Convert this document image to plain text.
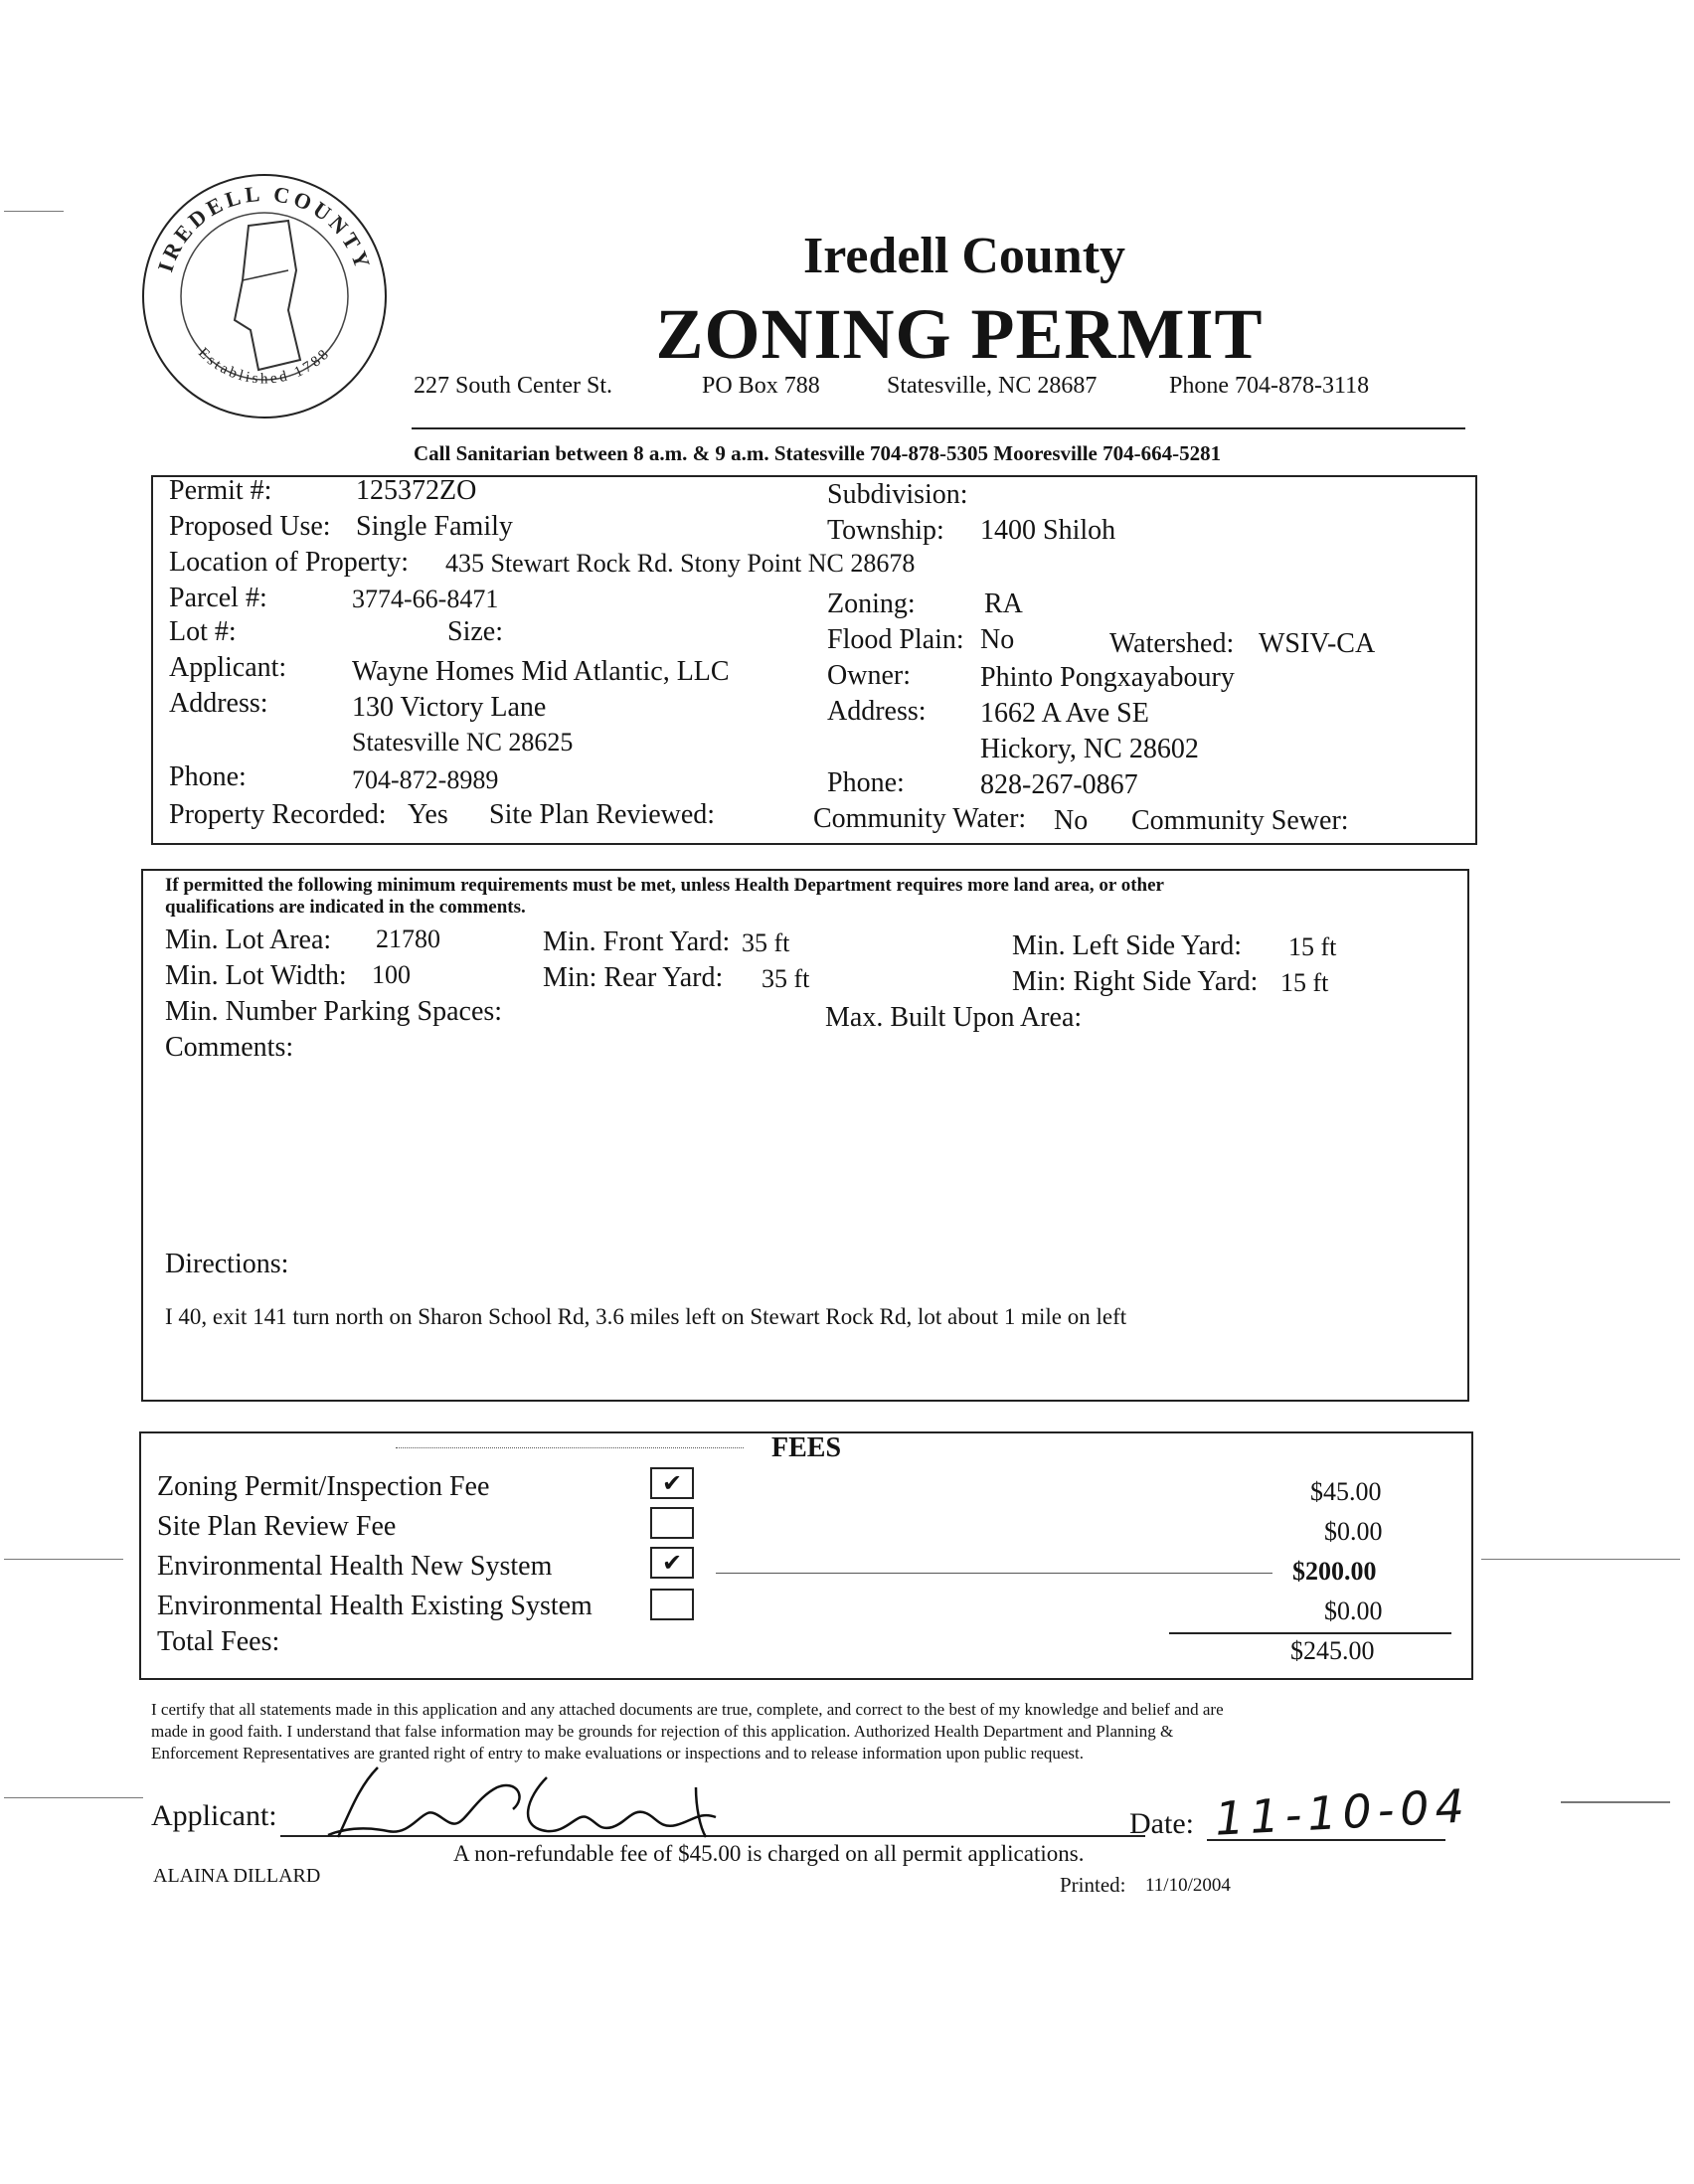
IREDELL COUNTY
Established 1788
Iredell County
ZONING PERMIT
227 South Center St.	PO Box 788	Statesville, NC 28687	Phone 704-878-3118
Call Sanitarian between 8 a.m. & 9 a.m. Statesville 704-878-5305 Mooresville 704-664-5281
Permit #:	125372ZO	Subdivision:
Proposed Use: Single Family	Township: 1400 Shiloh
Location of Property: 435 Stewart Rock Rd. Stony Point NC 28678
Parcel #:	3774-66-8471	Zoning: RA
Lot #:	Size:	Flood Plain: No	Watershed: WSIV-CA
Applicant: Wayne Homes Mid Atlantic, LLC	Owner:	Phinto Pongxayaboury
Address:	130 Victory Lane	Address: 1662 A Ave SE
Statesville NC 28625	Hickory, NC 28602
Phone:	704-872-8989	Phone:	828-267-0867
Property Recorded: Yes Site Plan Reviewed:	Community Water: No Community Sewer:
If permitted the following minimum requirements must be met, unless Health Department requires more land area, or other
qualifications are indicated in the comments.
Min. Lot Area: 21780	Min. Front Yard: 35 ft	Min. Left Side Yard: 15 ft
Min. Lot Width: 100	Min: Rear Yard: 35 ft	Min: Right Side Yard: 15 ft
Min. Number Parking Spaces:	Max. Built Upon Area:
Comments:
Directions:
I 40, exit 141 turn north on Sharon School Rd, 3.6 miles left on Stewart Rock Rd, lot about 1 mile on left
FEES
Zoning Permit/Inspection Fee	✔	$45.00
Site Plan Review Fee	$0.00
Environmental Health New System	✔	$200.00
Environmental Health Existing System	$0.00
Total Fees:	$245.00
I certify that all statements made in this application and any attached documents are true, complete, and correct to the best of my knowledge and belief and are
made in good faith. I understand that false information may be grounds for rejection of this application. Authorized Health Department and Planning &
Enforcement Representatives are granted right of entry to make evaluations or inspections and to release information upon public request.
Applicant:	Date: 11-10-04
A non-refundable fee of $45.00 is charged on all permit applications.
ALAINA DILLARD	Printed: 11/10/2004
